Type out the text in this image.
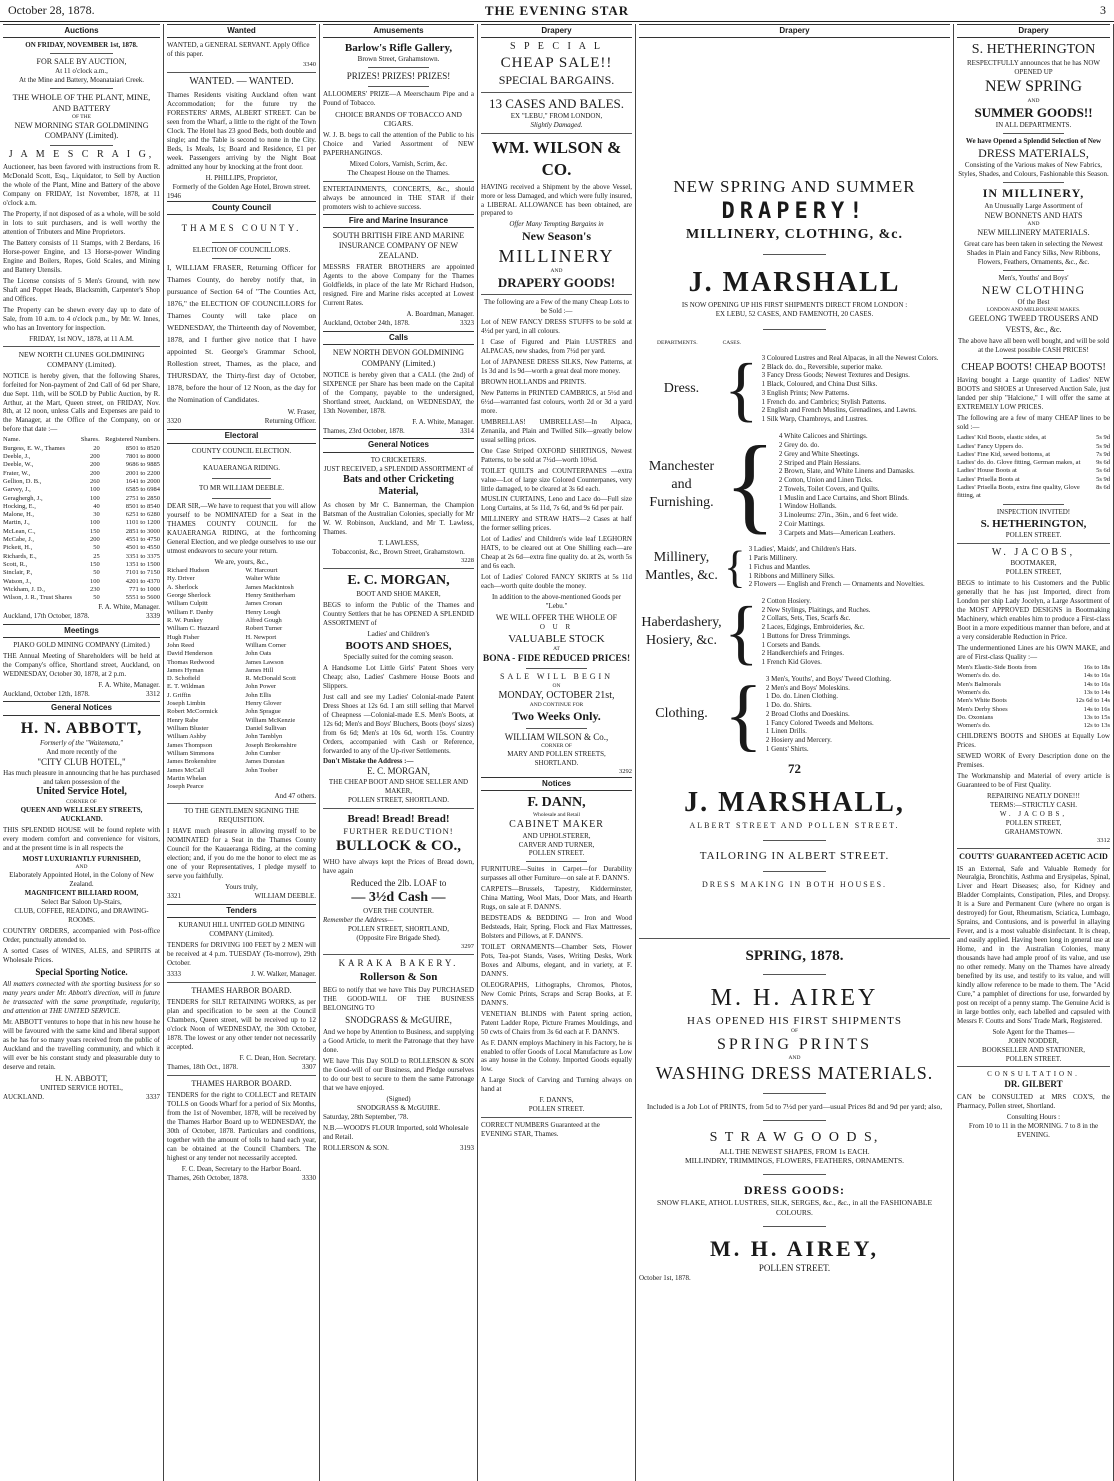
October 28, 1878.	THE EVENING STAR	3
Auctions
ON FRIDAY, NOVEMBER 1st, 1878.
FOR SALE BY AUCTION,
At 11 o'clock a.m.,
At the Mine and Battery, Moanataiari Creek.
THE WHOLE OF THE PLANT, MINE, AND BATTERY
OF THE
NEW MORNING STAR GOLDMINING COMPANY (Limited).
J A M E S C R A I G,
Auctioneer, has been favored with instructions from R. McDonald Scott, Esq., Liquidator, to Sell by Auction the whole of the Plant, Mine and Battery of the above Company on FRIDAY, 1st November, 1878, at 11 o'clock a.m.
The Property, if not disposed of as a whole, will be sold in lots to suit purchasers, and is well worthy the attention of Tributers and Mine Proprietors.
The Battery consists of 11 Stamps, with 2 Berdans, 16 Horse-power Engine, and 13 Horse-power Winding Engine and Boilers, Ropes, Gold Scales, and Mining and Battery Utensils.
The License consists of 5 Men's Ground, with new Shaft and Poppet Heads, Blacksmith, Carpenter's Shop and Offices.
The Property can be shewn every day up to date of Sale, from 10 a.m. to 4 o'clock p.m., by Mr. W. Innes, who has an Inventory for inspection.
FRIDAY, 1st NOV., 1878, at 11 A.M.
NEW NORTH CLUNES GOLDMINING COMPANY (Limited).
NOTICE is hereby given, that the following Shares, forfeited for Non-payment of 2nd Call of 6d per Share, due Sept. 11th, will be SOLD by Public Auction, by R. Arthur, at the Mart, Queen street, on FRIDAY, Nov. 8th, at 12 noon, unless Calls and Expenses are paid to the Manager, at the Office of the Company, on or before that date :—
Name.	Shares.	Registered Numbers.
Burgess, E. W., Thames	20	8501 to 8520
Deeble, J.,	200	7801 to 8000
Deeble, W.,	200	9686 to 9885
Frater, W.,	200	2001 to 2200
Gellion, D. B.,	260	1641 to 2000
Garvey, J.,	100	6585 to 6984
Geraghergh, J.,	100	2751 to 2850
Hocking, E.,	40	8501 to 8540
Malone, H.,	30	6251 to 6280
Martin, J.,	100	1101 to 1200
McLean, C.,	150	2851 to 3000
McCabe, J.,	200	4551 to 4750
Pickett, H.,	50	4501 to 4550
Richards, E.,	25	3351 to 3375
Scott, R.,	150	1351 to 1500
Sinclair, P.,	50	7101 to 7150
Watson, J.,	100	4201 to 4370
Wickham, J. D.,	230	771 to 1000
Wilson, J. R., Trust Shares	50	5551 to 5600
F. A. White, Manager.
Auckland, 17th October, 1878.	3339
Meetings
PIAKO GOLD MINING COMPANY (Limited.)
THE Annual Meeting of Shareholders will be held at the Company's office, Shortland street, Auckland, on WEDNESDAY, October 30, 1878, at 2 p.m.
F. A. White, Manager.
Auckland, October 12th, 1878.	3312
General Notices
H. N. ABBOTT,
Formerly of the "Waitemata,"
And more recently of the
"CITY CLUB HOTEL,"
Has much pleasure in announcing that he has purchased and taken possession of the
United Service Hotel,
CORNER OF
QUEEN AND WELLESLEY STREETS, AUCKLAND.
THIS SPLENDID HOUSE will be found replete with every modern comfort and convenience for visitors, and at the present time is in all respects the
MOST LUXURIANTLY FURNISHED,
AND
Elaborately Appointed Hotel, in the Colony of New Zealand.
MAGNIFICENT BILLIARD ROOM,
Select Bar Saloon Up-Stairs,
CLUB, COFFEE, READING, and DRAWING-ROOMS.
COUNTRY ORDERS, accompanied with Post-office Order, punctually attended to.
A sorted Cases of WINES, ALES, and SPIRITS at Wholesale Prices.
Special Sporting Notice.
All matters connected with the sporting business for so many years under Mr. Abbott's direction, will in future be transacted with the same promptitude, regularity, and attention at THE UNITED SERVICE.
Mr. ABBOTT ventures to hope that in his new house he will be favoured with the same kind and liberal support as he has for so many years received from the public of Auckland and the travelling community, and which it will ever be his constant study and pleasurable duty to deserve and retain.
H. N. ABBOTT,
UNITED SERVICE HOTEL,
AUCKLAND.	3337
Wanted
WANTED, a GENERAL SERVANT. Apply Office of this paper.
3340
WANTED. — WANTED.
Thames Residents visiting Auckland often want Accommodation; for the future try the FORESTERS' ARMS, ALBERT STREET. Can be seen from the Wharf, a little to the right of the Town Clock. The Hotel has 23 good Beds, both double and single; and the Table is second to none in the City. Beds, 1s Meals, 1s; Board and Residence, £1 per week. Passengers arriving by the Night Boat admitted any hour by knocking at the front door.
H. PHILLIPS, Proprietor,
Formerly of the Golden Age Hotel, Brown street.
1946
County Council
THAMES COUNTY.
ELECTION OF COUNCILLORS.
I, WILLIAM FRASER, Returning Officer for Thames County, do hereby notify that, in pursuance of Section 64 of "The Counties Act, 1876," the ELECTION OF COUNCILLORS for Thames County will take place on WEDNESDAY, the Thirteenth day of November, 1878, and I further give notice that I have appointed St. George's Grammar School, Rollestion street, Thames, as the place, and THURSDAY, the Thirty-first day of October, 1878, before the hour of 12 Noon, as the day for the Nomination of Candidates.
W. Fraser,
3320	Returning Officer.
Electoral
COUNTY COUNCIL ELECTION.
KAUAERANGA RIDING.
TO MR WILLIAM DEEBLE.
DEAR SIR,—We have to request that you will allow yourself to be NOMINATED for a Seat in the THAMES COUNTY COUNCIL for the KAUAERANGA RIDING, at the forthcoming General Election, and we pledge ourselves to use our utmost endeavors to secure your return.
We are, yours, &c.,
Richard Hudson
Hy. Driver
A. Sherlock
George Sherlock
William Culpitt
William F. Danby
R. W. Punkey
William C. Hazzard
Hugh Fisher
John Reed
David Henderson
Thomas Redwood
James Hyman
D. Schofield
E. T. Wildman
J. Griffin
Joseph Limbin
Robert McCormick
Henry Rabe
William Bluster
William Ashby
James Thompson
William Simmons
James Brokenshire
James McCall
Martin Whelan
Joseph Pearce
W. Harcourt
Walter White
James Mackintosh
Henry Smitherham
James Cronan
Henry Lough
Alfred Gough
Robert Turner
H. Newport
William Corner
John Oats
James Lawson
James Hill
R. McDonald Scott
John Power
John Ellis
Henry Glover
John Sprague
William McKenzie
Daniel Sullivan
John Tamblyn
Joseph Brokenshire
John Cumber
James Dunstan
John Toober
And 47 others.
TO THE GENTLEMEN SIGNING THE REQUISITION.
I HAVE much pleasure in allowing myself to be NOMINATED for a Seat in the Thames County Council for the Kauaeranga Riding, at the coming election; and, if you do me the honor to elect me as one of your Representatives, I pledge myself to serve you faithfully.
Yours truly,
3321	WILLIAM DEEBLE.
Tenders
KURANUI HILL UNITED GOLD MINING COMPANY (Limited).
TENDERS for DRIVING 100 FEET by 2 MEN will be received at 4 p.m. TUESDAY (To-morrow), 29th October.
3333	J. W. Walker, Manager.
THAMES HARBOR BOARD.
TENDERS for SILT RETAINING WORKS, as per plan and specification to be seen at the Council Chambers, Queen street, will be received up to 12 o'clock Noon of WEDNESDAY, the 30th October, 1878. The lowest or any other tender not necessarily accepted.
F. C. Dean, Hon. Secretary.
Thames, 18th Oct., 1878.	3307
THAMES HARBOR BOARD.
TENDERS for the right to COLLECT and RETAIN TOLLS on Goods Wharf for a period of Six Months, from the 1st of November, 1878, will be received by the Thames Harbor Board up to WEDNESDAY, the 30th of October, 1878. Particulars and conditions, together with the amount of tolls to hand each year, can be obtained at the Council Chambers. The highest or any tender not necessarily accepted.
F. C. Dean, Secretary to the Harbor Board.
Thames, 26th October, 1878.	3330
Amusements
Barlow's Rifle Gallery,
Brown Street, Grahamstown.
PRIZES! PRIZES! PRIZES!
ALLOOMERS' PRIZE—A Meerschaum Pipe and a Pound of Tobacco.
CHOICE BRANDS OF TOBACCO AND CIGARS.
W. J. B. begs to call the attention of the Public to his Choice and Varied Assortment of NEW PAPERHANGINGS.
Mixed Colors, Varnish, Scrim, &c.
The Cheapest House on the Thames.
ENTERTAINMENTS, CONCERTS, &c., should always be announced in THE STAR if their promoters wish to achieve success.
Fire and Marine Insurance
SOUTH BRITISH FIRE AND MARINE INSURANCE COMPANY OF NEW ZEALAND.
MESSRS FRATER BROTHERS are appointed Agents to the above Company for the Thames Goldfields, in place of the late Mr Richard Hudson, resigned. Fire and Marine risks accepted at Lowest Current Rates.
A. Boardman, Manager.
Auckland, October 24th, 1878.	3323
Calls
NEW NORTH DEVON GOLDMINING COMPANY (Limited.)
NOTICE is hereby given that a CALL (the 2nd) of SIXPENCE per Share has been made on the Capital of the Company, payable to the undersigned, Shortland street, Auckland, on WEDNESDAY, the 13th November, 1878.
F. A. White, Manager.
Thames, 23rd October, 1878.	3314
General Notices
TO CRICKETERS.
JUST RECEIVED, a SPLENDID ASSORTMENT of
Bats and other Cricketing Material,
As chosen by Mr C. Bannerman, the Champion Batsman of the Australian Colonies, specially for Mr W. W. Robinson, Auckland, and Mr T. Lawless, Thames.
T. LAWLESS,
Tobacconist, &c., Brown Street, Grahamstown.
3228
E. C. MORGAN,
BOOT AND SHOE MAKER,
BEGS to inform the Public of the Thames and Country Settlers that he has OPENED A SPLENDID ASSORTMENT of
Ladies' and Children's
BOOTS AND SHOES,
Specially suited for the coming season.
A Handsome Lot Little Girls' Patent Shoes very Cheap; also, Ladies' Cashmere House Boots and Slippers.
Just call and see my Ladies' Colonial-made Patent Dress Shoes at 12s 6d. I am still selling that Marvel of Cheapness —Colonial-made E.S. Men's Boots, at 12s 6d; Men's and Boys' Bluchers, Boots (boys' sizes) from 6s 6d; Men's at 10s 6d, worth 15s. Country Orders, accompanied with Cash or Reference, forwarded to any of the Up-river Settlements.
Don't Mistake the Address :—
E. C. MORGAN,
THE CHEAP BOOT AND SHOE SELLER AND MAKER,
POLLEN STREET, SHORTLAND.
Bread! Bread! Bread!
FURTHER REDUCTION!
BULLOCK & CO.,
WHO have always kept the Prices of Bread down, have again
Reduced the 2lb. LOAF to
— 3½d Cash —
OVER THE COUNTER.
Remember the Address—
POLLEN STREET, SHORTLAND,
(Opposite Fire Brigade Shed).
3297
KARAKA BAKERY.
Rollerson & Son
BEG to notify that we have This Day PURCHASED THE GOOD-WILL OF THE BUSINESS BELONGING TO
SNODGRASS & McGUIRE,
And we hope by Attention to Business, and supplying a Good Article, to merit the Patronage that they have done.
WE have This Day SOLD to ROLLERSON & SON the Good-will of our Business, and Pledge ourselves to do our best to secure to them the same Patronage that we have enjoyed.
(Signed)
SNODGRASS & McGUIRE.
Saturday, 28th September, '78.
N.B.—WOOD'S FLOUR Imported, sold Wholesale and Retail.
ROLLERSON & SON.	3193
Drapery
S P E C I A L
CHEAP SALE!!
SPECIAL BARGAINS.
13 CASES AND BALES.
EX "LEBU," FROM LONDON,
Slightly Damaged.
WM. WILSON & CO.
HAVING received a Shipment by the above Vessel, more or less Damaged, and which were fully insured, a LIBERAL ALLOWANCE has been obtained, are prepared to
Offer Many Tempting Bargains in
New Season's
MILLINERY
AND
DRAPERY GOODS!
The following are a Few of the many Cheap Lots to be Sold :—
Lot of NEW FANCY DRESS STUFFS to be sold at 4½d per yard, in all colours.
1 Case of Figured and Plain LUSTRES and ALPACAS, new shades, from 7½d per yard.
Lot of JAPANESE DRESS SILKS, New Patterns, at 1s 3d and 1s 9d—worth a great deal more money.
BROWN HOLLANDS and PRINTS.
New Patterns in PRINTED CAMBRICS, at 5½d and 6½d—warranted fast colours, worth 2d or 3d a yard more.
UMBRELLAS! UMBRELLAS!—In Alpaca, Zenanila, and Plain and Twilled Silk—greatly below usual selling prices.
One Case Striped OXFORD SHIRTINGS, Newest Patterns, to be sold at 7½d—worth 10½d.
TOILET QUILTS and COUNTERPANES —extra value—Lot of large size Colored Counterpanes, very little damaged, to be cleared at 3s 6d each.
MUSLIN CURTAINS, Leno and Lace do—Full size Long Curtains, at 5s 11d, 7s 6d, and 9s 6d per pair.
MILLINERY and STRAW HATS—2 Cases at half the former selling prices.
Lot of Ladies' and Children's wide leaf LEGHORN HATS, to be cleared out at One Shilling each—are Cheap at 2s 6d—extra fine quality do. at 2s, worth 5s and 6s each.
Lot of Ladies' Colored FANCY SKIRTS at 5s 11d each—worth quite double the money.
In addition to the above-mentioned Goods per "Lebu."
WE WILL OFFER THE WHOLE OF
O U R
VALUABLE STOCK
AT
BONA - FIDE REDUCED PRICES!
SALE WILL BEGIN
ON
MONDAY, OCTOBER 21st,
AND CONTINUE FOR
Two Weeks Only.
WILLIAM WILSON & Co.,
CORNER OF
MARY AND POLLEN STREETS,
SHORTLAND.
3292
Notices
F. DANN,
Wholesale and Retail
CABINET MAKER
AND UPHOLSTERER,
CARVER AND TURNER,
POLLEN STREET.
FURNITURE—Suites in Carpet—for Durability surpasses all other Furniture—on sale at F. DANN'S.
CARPETS—Brussels, Tapestry, Kidderminster, China Matting, Wool Mats, Door Mats, and Hearth Rugs, on sale at F. DANN'S.
BEDSTEADS & BEDDING — Iron and Wood Bedsteads, Hair, Spring, Flock and Flax Mattresses, Bolsters and Pillows, at F. DANN'S.
TOILET ORNAMENTS—Chamber Sets, Flower Pots, Tea-pot Stands, Vases, Writing Desks, Work Boxes and Albums, elegant, and in variety, at F. DANN'S.
OLEOGRAPHS, Lithographs, Chromos, Photos, New Comic Prints, Scraps and Scrap Books, at F. DANN'S.
VENETIAN BLINDS with Patent spring action, Patent Ladder Rope, Picture Frames Mouldings, and 50 cwts of Chairs from 3s 6d each at F. DANN'S.
As F. DANN employs Machinery in his Factory, he is enabled to offer Goods of Local Manufacture as Low as any house in the Colony. Imported Goods equally low.
A Large Stock of Carving and Turning always on hand at
F. DANN'S,
POLLEN STREET.
CORRECT NUMBERS Guaranteed at the EVENING STAR, Thames.
Drapery
NEW SPRING AND SUMMER
DRAPERY!
MILLINERY, CLOTHING, &c.
J. MARSHALL
IS NOW OPENING UP HIS FIRST SHIPMENTS DIRECT FROM LONDON :
EX LEBU, 52 CASES, AND FAMENOTH, 20 CASES.
DEPARTMENTS.	CASES.
Dress. { 3 Coloured Lustres and Real Alpacas, in all the Newest Colors.
2 Black do. do., Reversible, superior make.
3 Fancy Dress Goods; Newest Textures and Designs.
1 Black, Coloured, and China Dust Silks.
3 English Prints; New Patterns.
1 French do. and Cambrics; Stylish Patterns.
2 English and French Muslins, Grenadines, and Lawns.
1 Silk Warp, Chambreys, and Lustres.
Manchester and Furnishing. { 4 White Calicoes and Shirtings.
2 Grey do. do.
2 Grey and White Sheetings.
2 Striped and Plain Hessians.
2 Brown, Slate, and White Linens and Damasks.
2 Cotton, Union and Linen Ticks.
2 Towels, Toilet Covers, and Quilts.
1 Muslin and Lace Curtains, and Short Blinds.
1 Window Hollands.
3 Linoleums: 27in., 36in., and 6 feet wide.
2 Coir Mattings.
3 Carpets and Mats—American Leathers.
Millinery, Mantles, &c. { 3 Ladies', Maids', and Children's Hats.
1 Paris Millinery.
1 Fichus and Mantles.
1 Ribbons and Millinery Silks.
2 Flowers — English and French — Ornaments and Novelties.
Haberdashery, Hosiery, &c. { 2 Cotton Hosiery.
2 New Stylings, Plaitings, and Ruches.
2 Collars, Sets, Ties, Scarfs &c.
2 Laces, Edgings, Embroideries, &c.
1 Buttons for Dress Trimmings.
1 Corsets and Bands.
2 Handkerchiefs and Fringes.
1 French Kid Gloves.
Clothing. { 3 Men's, Youths', and Boys' Tweed Clothing.
2 Men's and Boys' Moleskins.
1 Do. do. Linen Clothing.
1 Do. do. Shirts.
2 Broad Cloths and Doeskins.
1 Fancy Colored Tweeds and Meltons.
1 Linen Drills.
2 Hosiery and Mercery.
1 Gents' Shirts.
72
J. MARSHALL,
ALBERT STREET AND POLLEN STREET.
TAILORING IN ALBERT STREET.
DRESS MAKING IN BOTH HOUSES.
SPRING, 1878.
M. H. AIREY
HAS OPENED HIS FIRST SHIPMENTS
OF
SPRING PRINTS
AND
WASHING DRESS MATERIALS.
Included is a Job Lot of PRINTS, from 5d to 7½d per yard—usual Prices 8d and 9d per yard; also,
S T R A W G O O D S,
ALL THE NEWEST SHAPES, FROM 1s EACH.
MILLINDRY, TRIMMINGS, FLOWERS, FEATHERS, ORNAMENTS.
DRESS GOODS:
SNOW FLAKE, ATHOL LUSTRES, SILK, SERGES, &c., &c., in all the FASHIONABLE COLOURS.
M. H. AIREY,
POLLEN STREET.
October 1st, 1878.
Drapery
S. HETHERINGTON
RESPECTFULLY announces that he has NOW OPENED UP
NEW SPRING
AND
SUMMER GOODS!!
IN ALL DEPARTMENTS.
We have Opened a Splendid Selection of New
DRESS MATERIALS,
Consisting of the Various makes of New Fabrics, Styles, Shades, and Colours, Fashionable this Season.
IN MILLINERY,
An Unusually Large Assortment of
NEW BONNETS AND HATS
AND
NEW MILLINERY MATERIALS.
Great care has been taken in selecting the Newest Shades in Plain and Fancy Silks, New Ribbons, Flowers, Feathers, Ornaments, &c., &c.
Men's, Youths' and Boys'
NEW CLOTHING
Of the Best
LONDON AND MELBOURNE MAKES.
GEELONG TWEED TROUSERS AND VESTS, &c., &c.
The above have all been well bought, and will be sold at the Lowest possible CASH PRICES!
CHEAP BOOTS! CHEAP BOOTS!
Having bought a Large quantity of Ladies' NEW BOOTS and SHOES at Unreserved Auction Sale, just landed per ship "Halcione," I will offer the same at EXTREMELY LOW PRICES.
The following are a few of many CHEAP lines to be sold :—
Ladies' Kid Boots, elastic sides, at	5s 9d
Ladies' Fancy Uppers do.	5s 9d
Ladies' Fine Kid, sewed bottoms, at	7s 9d
Ladies' do. do. Glove fitting, German makes, at	9s 6d
Ladies' House Boots at	5s 6d
Ladies' Prisella Boots at	5s 9d
Ladies' Prisella Boots, extra fine quality, Glove fitting, at	8s 6d
INSPECTION INVITED!
S. HETHERINGTON,
POLLEN STREET.
W. JACOBS,
BOOTMAKER,
POLLEN STREET,
BEGS to intimate to his Customers and the Public generally that he has just Imported, direct from London per ship Lady Jocelyn, a Large Assortment of the MOST APPROVED DESIGNS in Bootmaking Machinery, which enables him to produce a First-class Boot in a more expeditious manner than before, and at a very considerable Reduction in Price.
The undermentioned Lines are his OWN MAKE, and are of First-class Quality :—
Men's Elastic-Side Boots from	16s to 18s
Women's do. do.	14s to 16s
Men's Balmorals	14s to 16s
Women's do.	13s to 14s
Men's White Boots	12s 6d to 14s
Men's Derby Shoes	14s to 16s
Do. Oxonians	13s to 15s
Women's do.	12s to 13s
CHILDREN'S BOOTS and SHOES at Equally Low Prices.
SEWED WORK of Every Description done on the Premises.
The Workmanship and Material of every article is Guaranteed to be of First Quality.
REPAIRING NEATLY DONE!!!
TERMS:—STRICTLY CASH.
W. JACOBS,
POLLEN STREET,
GRAHAMSTOWN.
3312
COUTTS' GUARANTEED ACETIC ACID
IS an External, Safe and Valuable Remedy for Neuralgia, Bronchitis, Asthma and Erysipelas, Spinal, Liver and Heart Diseases; also, for Kidney and Bladder Complaints, Constipation, Piles, and Dropsy. It is a Sure and Permanent Cure (where no organ is destroyed) for Gout, Rheumatism, Sciatica, Lumbago, Sprains, and Contusions, and is powerful in allaying Fever, and is a most valuable disinfectant. It is cheap, and easily applied. Having been long in general use at Home, and in the Australian Colonies, many thousands have had ample proof of its value, and use no other remedy. Many on the Thames have already benefited by its use, and testify to its value, and will kindly allow reference to be made to them. The "Acid Cure," a pamphlet of directions for use, forwarded by post on receipt of a penny stamp. The Genuine Acid is in large bottles only, each labelled and capsuled with Messrs F. Coutts and Sons' Trade Mark, Registered.
Sole Agent for the Thames—
JOHN NODDER,
BOOKSELLER AND STATIONER,
POLLEN STREET.
CONSULTATION.
DR. GILBERT
CAN be CONSULTED at MRS COX'S, the Pharmacy, Pollen street, Shortland.
Consulting Hours :
From 10 to 11 in the MORNING. 7 to 8 in the EVENING.
